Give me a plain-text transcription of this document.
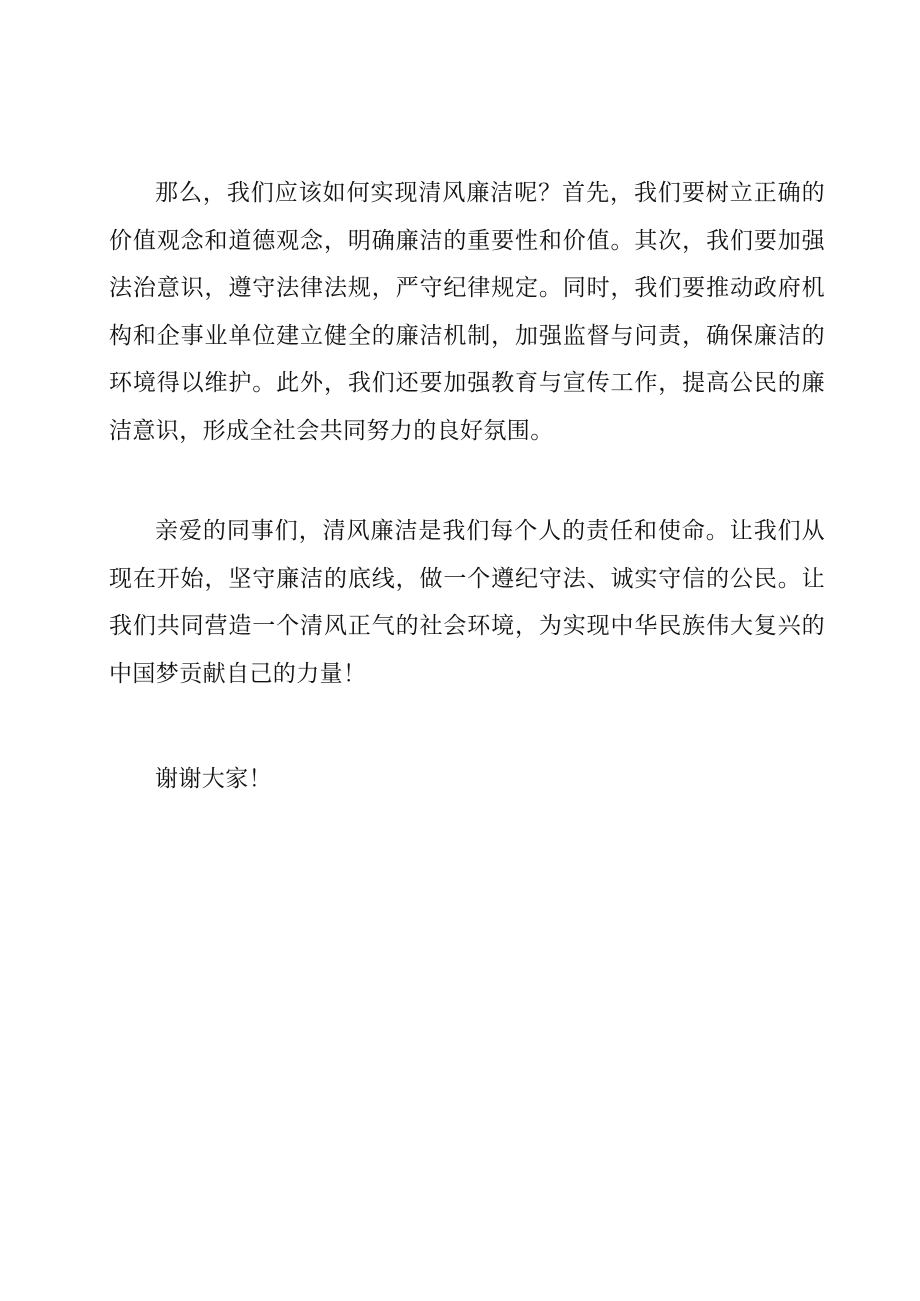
那么，我们应该如何实现清风廉洁呢？首先，我们要树立正确的价值观念和道德观念，明确廉洁的重要性和价值。其次，我们要加强法治意识，遵守法律法规，严守纪律规定。同时，我们要推动政府机构和企事业单位建立健全的廉洁机制，加强监督与问责，确保廉洁的环境得以维护。此外，我们还要加强教育与宣传工作，提高公民的廉洁意识，形成全社会共同努力的良好氛围。

亲爱的同事们，清风廉洁是我们每个人的责任和使命。让我们从现在开始，坚守廉洁的底线，做一个遵纪守法、诚实守信的公民。让我们共同营造一个清风正气的社会环境，为实现中华民族伟大复兴的中国梦贡献自己的力量！

谢谢大家！
